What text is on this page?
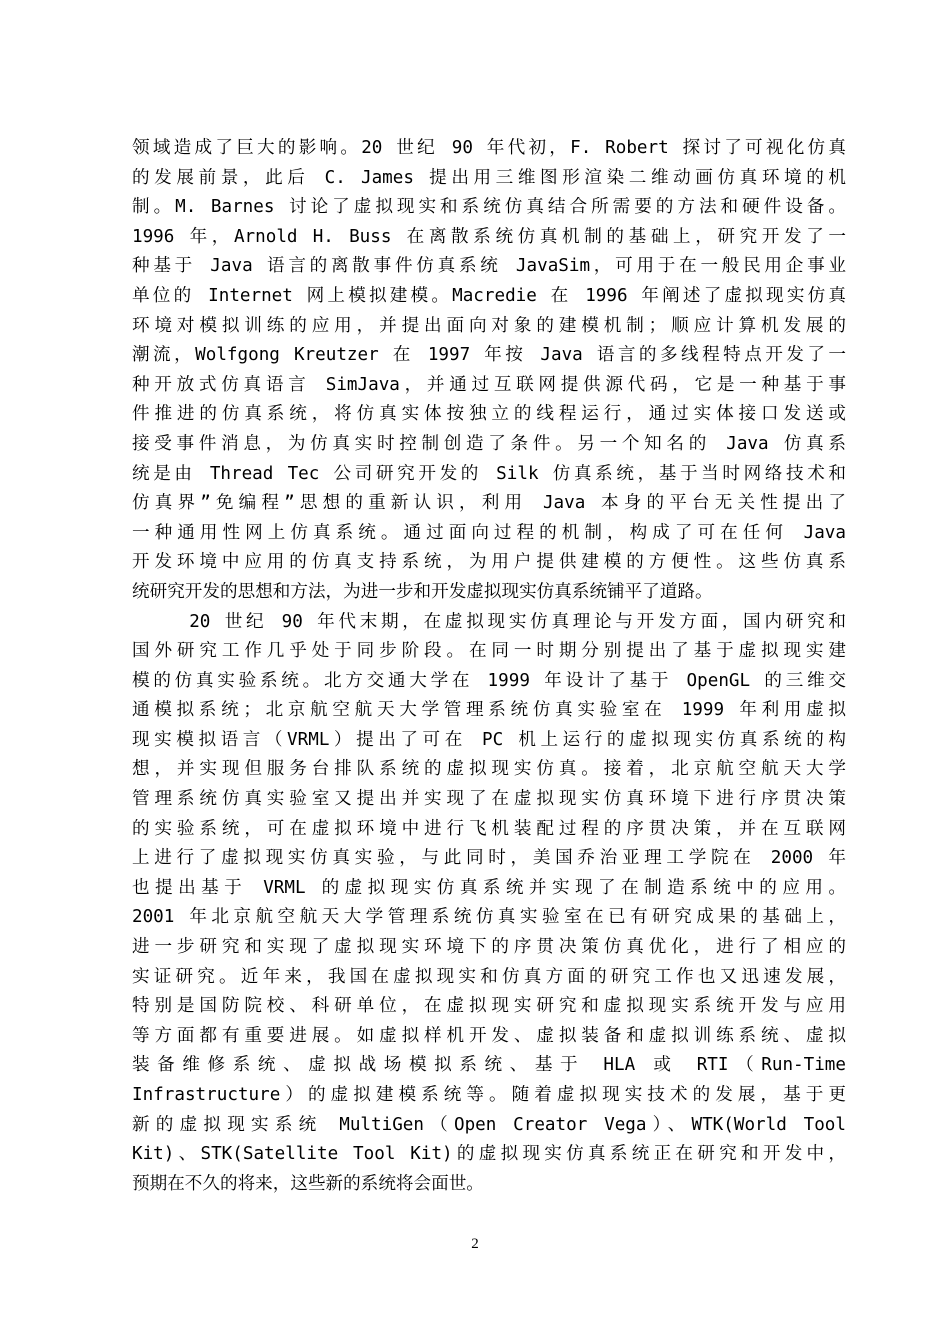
领域造成了巨大的影响。20 世纪 90 年代初，F. Robert 探讨了可视化仿真
的发展前景，此后 C. James 提出用三维图形渲染二维动画仿真环境的机
制。M. Barnes 讨论了虚拟现实和系统仿真结合所需要的方法和硬件设备。
1996 年，Arnold H. Buss 在离散系统仿真机制的基础上，研究开发了一
种基于 Java 语言的离散事件仿真系统 JavaSim，可用于在一般民用企事业
单位的 Internet 网上模拟建模。Macredie 在 1996 年阐述了虚拟现实仿真
环境对模拟训练的应用，并提出面向对象的建模机制；顺应计算机发展的
潮流，Wolfgong Kreutzer 在 1997 年按 Java 语言的多线程特点开发了一
种开放式仿真语言 SimJava，并通过互联网提供源代码，它是一种基于事
件推进的仿真系统，将仿真实体按独立的线程运行，通过实体接口发送或
接受事件消息，为仿真实时控制创造了条件。另一个知名的 Java 仿真系
统是由 Thread Tec 公司研究开发的 Silk 仿真系统，基于当时网络技术和
仿真界”免编程”思想的重新认识，利用 Java 本身的平台无关性提出了
一种通用性网上仿真系统。通过面向过程的机制，构成了可在任何 Java
开发环境中应用的仿真支持系统，为用户提供建模的方便性。这些仿真系
统研究开发的思想和方法，为进一步和开发虚拟现实仿真系统铺平了道路。
20 世纪 90 年代末期，在虚拟现实仿真理论与开发方面，国内研究和
国外研究工作几乎处于同步阶段。在同一时期分别提出了基于虚拟现实建
模的仿真实验系统。北方交通大学在 1999 年设计了基于 OpenGL 的三维交
通模拟系统；北京航空航天大学管理系统仿真实验室在 1999 年利用虚拟
现实模拟语言（VRML）提出了可在 PC 机上运行的虚拟现实仿真系统的构
想，并实现但服务台排队系统的虚拟现实仿真。接着，北京航空航天大学
管理系统仿真实验室又提出并实现了在虚拟现实仿真环境下进行序贯决策
的实验系统，可在虚拟环境中进行飞机装配过程的序贯决策，并在互联网
上进行了虚拟现实仿真实验，与此同时，美国乔治亚理工学院在 2000 年
也提出基于 VRML 的虚拟现实仿真系统并实现了在制造系统中的应用。
2001 年北京航空航天大学管理系统仿真实验室在已有研究成果的基础上，
进一步研究和实现了虚拟现实环境下的序贯决策仿真优化，进行了相应的
实证研究。近年来，我国在虚拟现实和仿真方面的研究工作也又迅速发展，
特别是国防院校、科研单位，在虚拟现实研究和虚拟现实系统开发与应用
等方面都有重要进展。如虚拟样机开发、虚拟装备和虚拟训练系统、虚拟
装备维修系统、虚拟战场模拟系统、基于 HLA 或 RTI（Run-Time
Infrastructure）的虚拟建模系统等。随着虚拟现实技术的发展，基于更
新的虚拟现实系统 MultiGen（Open Creator Vega）、WTK(World Tool
Kit)、STK(Satellite Tool Kit)的虚拟现实仿真系统正在研究和开发中，
预期在不久的将来，这些新的系统将会面世。
2
